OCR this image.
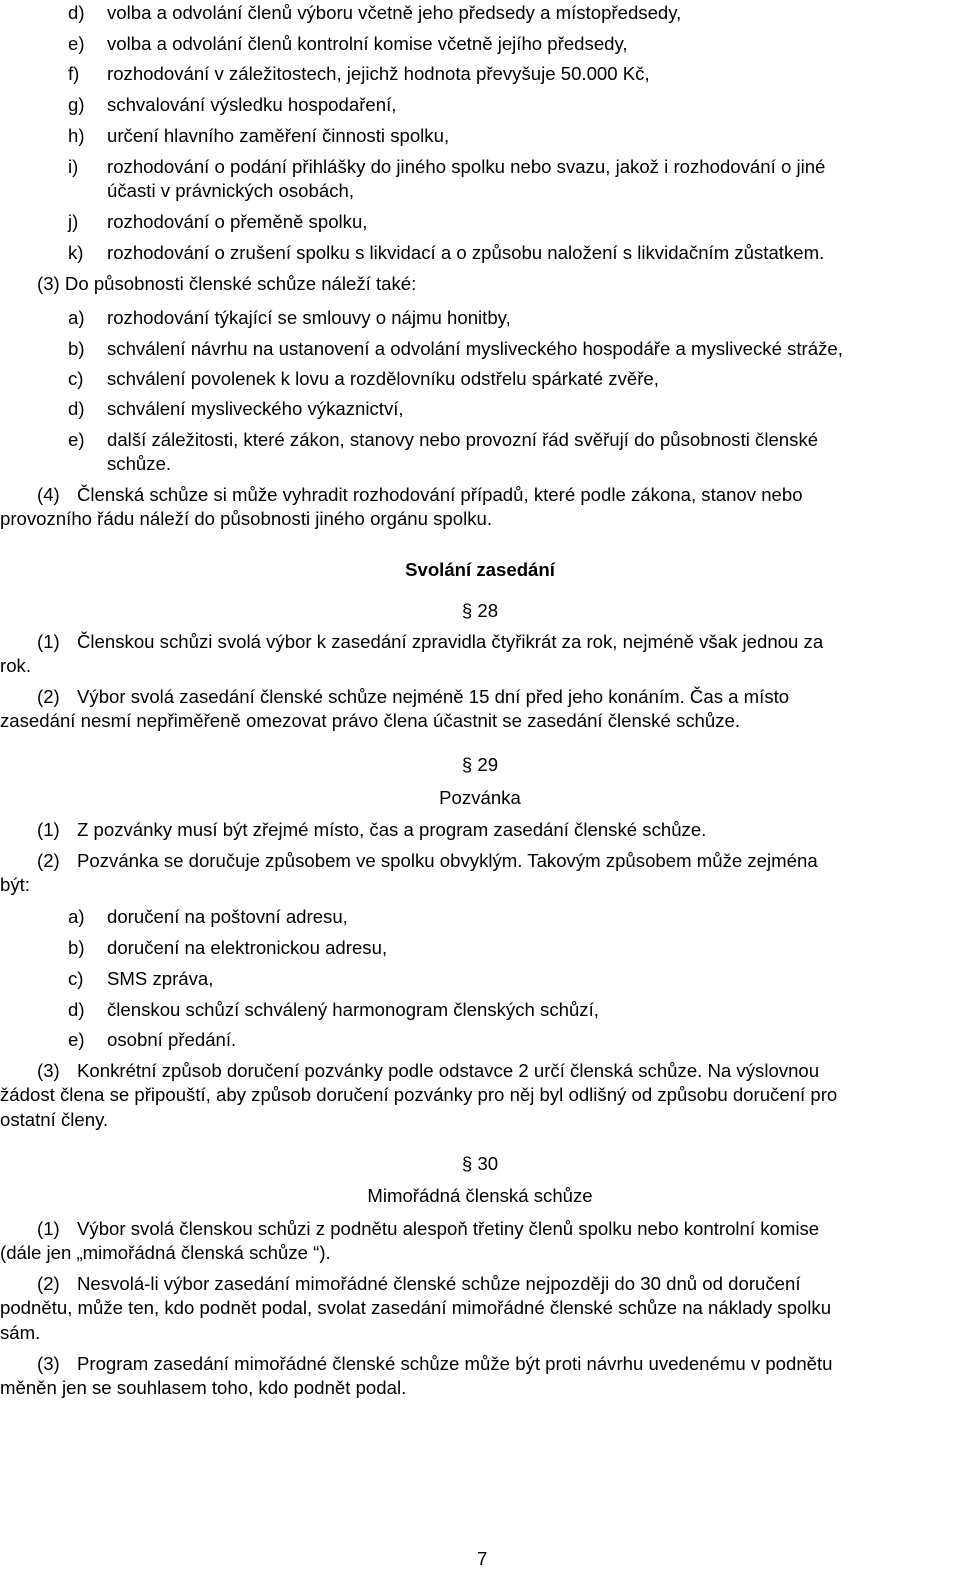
d) volba a odvolání členů výboru včetně jeho předsedy a místopředsedy,
e) volba a odvolání členů kontrolní komise včetně jejího předsedy,
f) rozhodování v záležitostech, jejichž hodnota převyšuje 50.000 Kč,
g) schvalování výsledku hospodaření,
h) určení hlavního zaměření činnosti spolku,
i) rozhodování o podání přihlášky do jiného spolku nebo svazu, jakož i rozhodování o jiné
účasti v právnických osobách,
j) rozhodování o přeměně spolku,
k) rozhodování o zrušení spolku s likvidací a o způsobu naložení s likvidačním zůstatkem.
(3) Do působnosti členské schůze náleží také:
a) rozhodování týkající se smlouvy o nájmu honitby,
b) schválení návrhu na ustanovení a odvolání mysliveckého hospodáře a myslivecké stráže,
c) schválení povolenek k lovu a rozdělovníku odstřelu spárkaté zvěře,
d) schválení mysliveckého výkaznictví,
e) další záležitosti, které zákon, stanovy nebo provozní řád svěřují do působnosti členské
schůze.
(4) Členská schůze si může vyhradit rozhodování případů, které podle zákona, stanov nebo
provozního řádu náleží do působnosti jiného orgánu spolku.
Svolání zasedání
§ 28
(1) Členskou schůzi svolá výbor k zasedání zpravidla čtyřikrát za rok, nejméně však jednou za
rok.
(2) Výbor svolá zasedání členské schůze nejméně 15 dní před jeho konáním. Čas a místo
zasedání nesmí nepřiměřeně omezovat právo člena účastnit se zasedání členské schůze.
§ 29
Pozvánka
(1) Z pozvánky musí být zřejmé místo, čas a program zasedání členské schůze.
(2) Pozvánka se doručuje způsobem ve spolku obvyklým. Takovým způsobem může zejména
být:
a) doručení na poštovní adresu,
b) doručení na elektronickou adresu,
c) SMS zpráva,
d) členskou schůzí schválený harmonogram členských schůzí,
e) osobní předání.
(3) Konkrétní způsob doručení pozvánky podle odstavce 2 určí členská schůze. Na výslovnou
žádost člena se připouští, aby způsob doručení pozvánky pro něj byl odlišný od způsobu doručení pro
ostatní členy.
§ 30
Mimořádná členská schůze
(1) Výbor svolá členskou schůzi z podnětu alespoň třetiny členů spolku nebo kontrolní komise
(dále jen „mimořádná členská schůze “).
(2) Nesvolá-li výbor zasedání mimořádné členské schůze nejpozději do 30 dnů od doručení
podnětu, může ten, kdo podnět podal, svolat zasedání mimořádné členské schůze na náklady spolku
sám.
(3) Program zasedání mimořádné členské schůze může být proti návrhu uvedenému v podnětu
měněn jen se souhlasem toho, kdo podnět podal.
7
